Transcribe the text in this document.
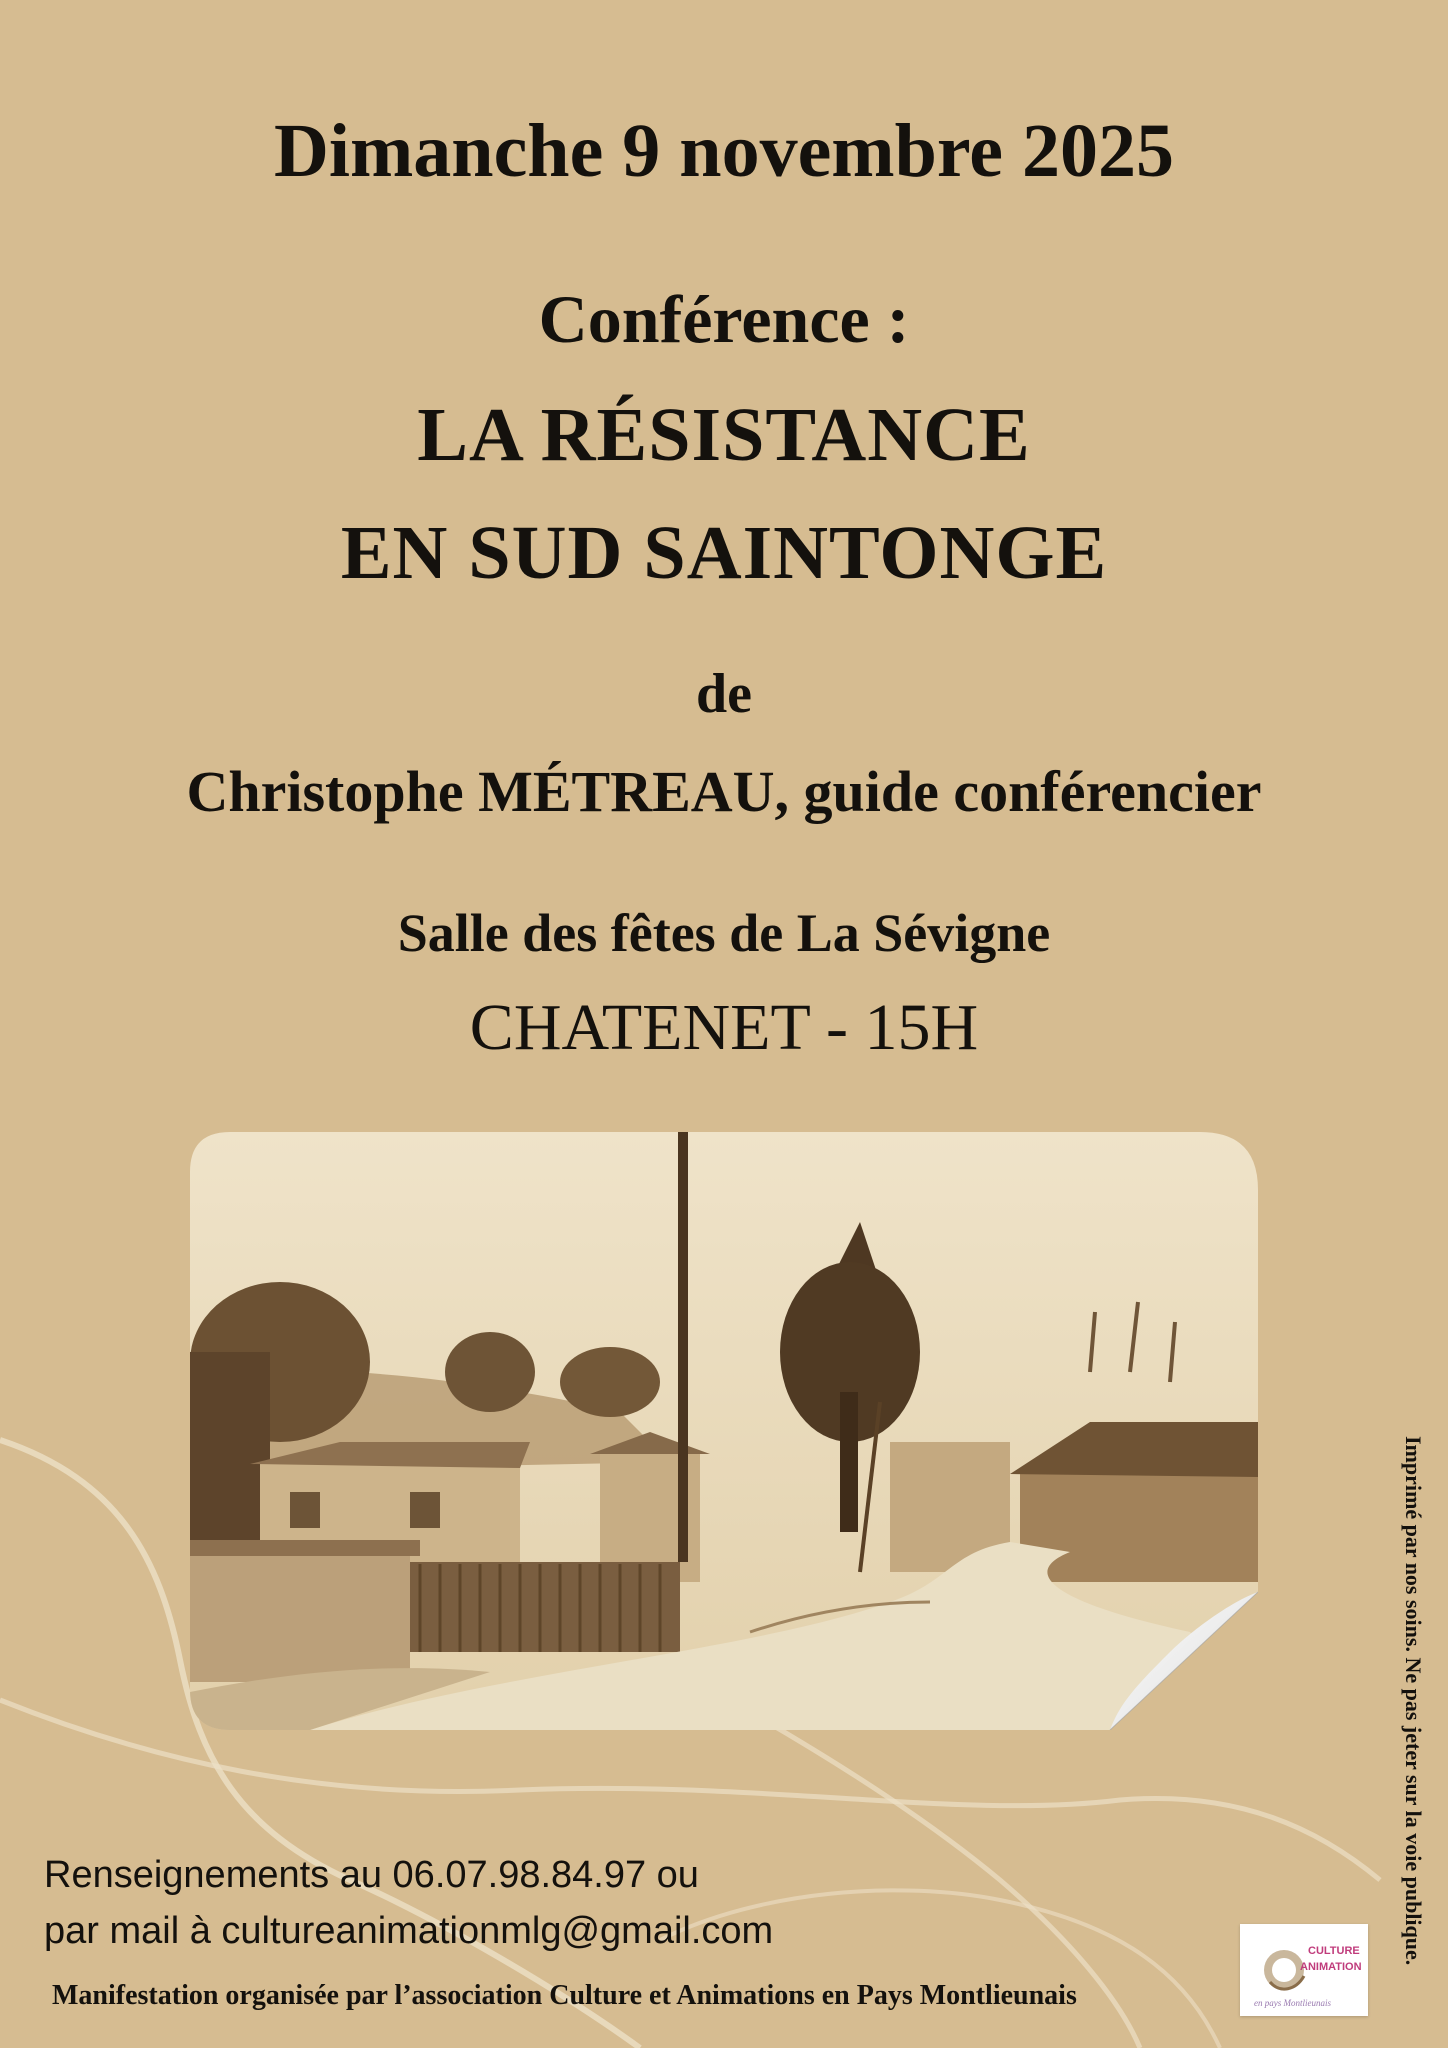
Dimanche 9 novembre 2025
Conférence :
LA RÉSISTANCE
EN SUD SAINTONGE
de
Christophe MÉTREAU, guide conférencier
Salle des fêtes de La Sévigne
CHATENET - 15H
Renseignements au 06.07.98.84.97 ou
par mail à cultureanimationmlg@gmail.com
Manifestation organisée par l’association Culture et Animations en Pays Montlieunais
Imprimé par nos soins. Ne pas jeter sur la voie publique.
CULTURE
ANIMATION
en pays Montlieunais
